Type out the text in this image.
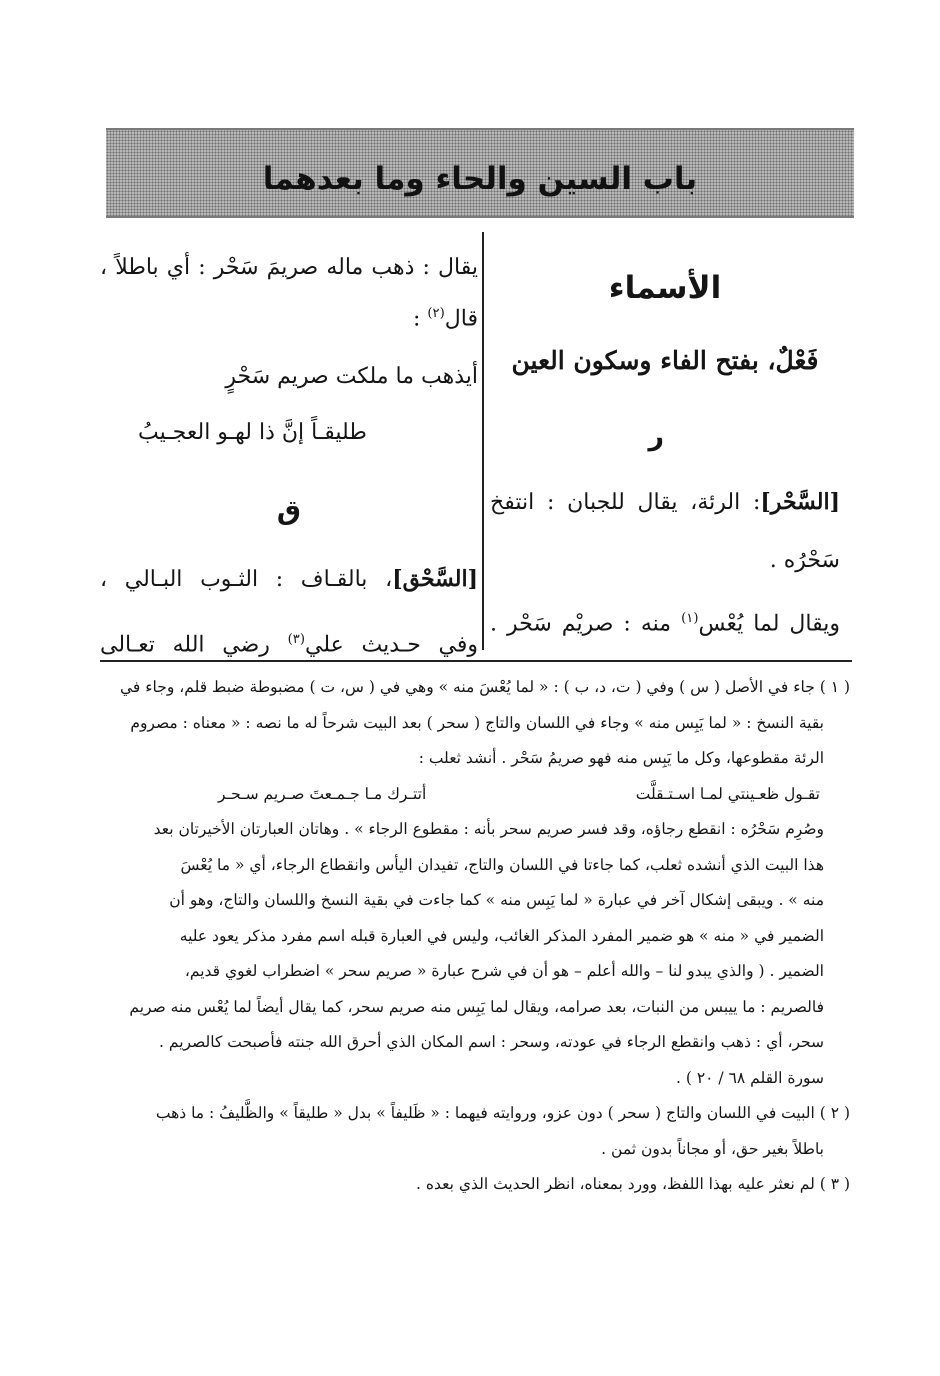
باب السين والحاء وما بعدهما
الأسماء
فَعْلٌ، بفتح الفاء وسكون العين
ر

[السَّحْر]: الرئة، يقال للجبان : انتفخ

سَحْرُه .

ويقال لما يُعْس$^{(١)}$ منه : صريْم سَحْر .

يقال : ذهب ماله صريمَ سَحْر : أي باطلاً ،

قال$^{(٢)}$ :

أيذهب ما ملكت صريم سَحْرٍ

طليقـاً إنَّ ذا لهـو العجـيبُ

ق

[السَّحْق]، بالقـاف : الثـوب البـالي ،

وفي حـديث علي$^{(٣)}$ رضي الله تعـالى

( ١ ) جاء في الأصل ( س ) وفي ( ت، د، ب ) : « لما يُعْسَ منه » وهي في ( س، ت ) مضبوطة ضبط قلم، وجاء في

بقية النسخ : « لما يَبِس منه » وجاء في اللسان والتاج ( سحر ) بعد البيت شرحاً له ما نصه : « معناه : مصروم

الرئة مقطوعها، وكل ما يَبِس منه فهو صريمُ سَحْر . أنشد ثعلب :

تقـول ظعـينتي لمـا اسـتـقلَّت
أتتـرك مـا جـمـعتَ صـريم سـحـر

وصُرِم سَحْرُه : انقطع رجاؤه، وقد فسر صريم سحر بأنه : مقطوع الرجاء » . وهاتان العبارتان الأخيرتان بعد

هذا البيت الذي أنشده ثعلب، كما جاءتا في اللسان والتاج، تفيدان اليأس وانقطاع الرجاء، أي « ما يُعْسَ

منه » . ويبقى إشكال آخر في عبارة « لما يَبِس منه » كما جاءت في بقية النسخ واللسان والتاج، وهو أن

الضمير في « منه » هو ضمير المفرد المذكر الغائب، وليس في العبارة قبله اسم مفرد مذكر يعود عليه

الضمير . ( والذي يبدو لنا – والله أعلم – هو أن في شرح عبارة « صريم سحر » اضطراب لغوي قديم،

فالصريم : ما ييبس من النبات، بعد صرامه، ويقال لما يَبِس منه صريم سحر، كما يقال أيضاً لما يُعْس منه صريم

سحر، أي : ذهب وانقطع الرجاء في عودته، وسحر : اسم المكان الذي أحرق الله جنته فأصبحت كالصريم .

سورة القلم ٦٨ / ٢٠ ) .

( ٢ ) البيت في اللسان والتاج ( سحر ) دون عزو، وروايته فيهما : « ظَليفاً » بدل « طليقاً » والظَّليفُ : ما ذهب

باطلاً بغير حق، أو مجاناً بدون ثمن .

( ٣ ) لم نعثر عليه بهذا اللفظ، وورد بمعناه، انظر الحديث الذي بعده .
